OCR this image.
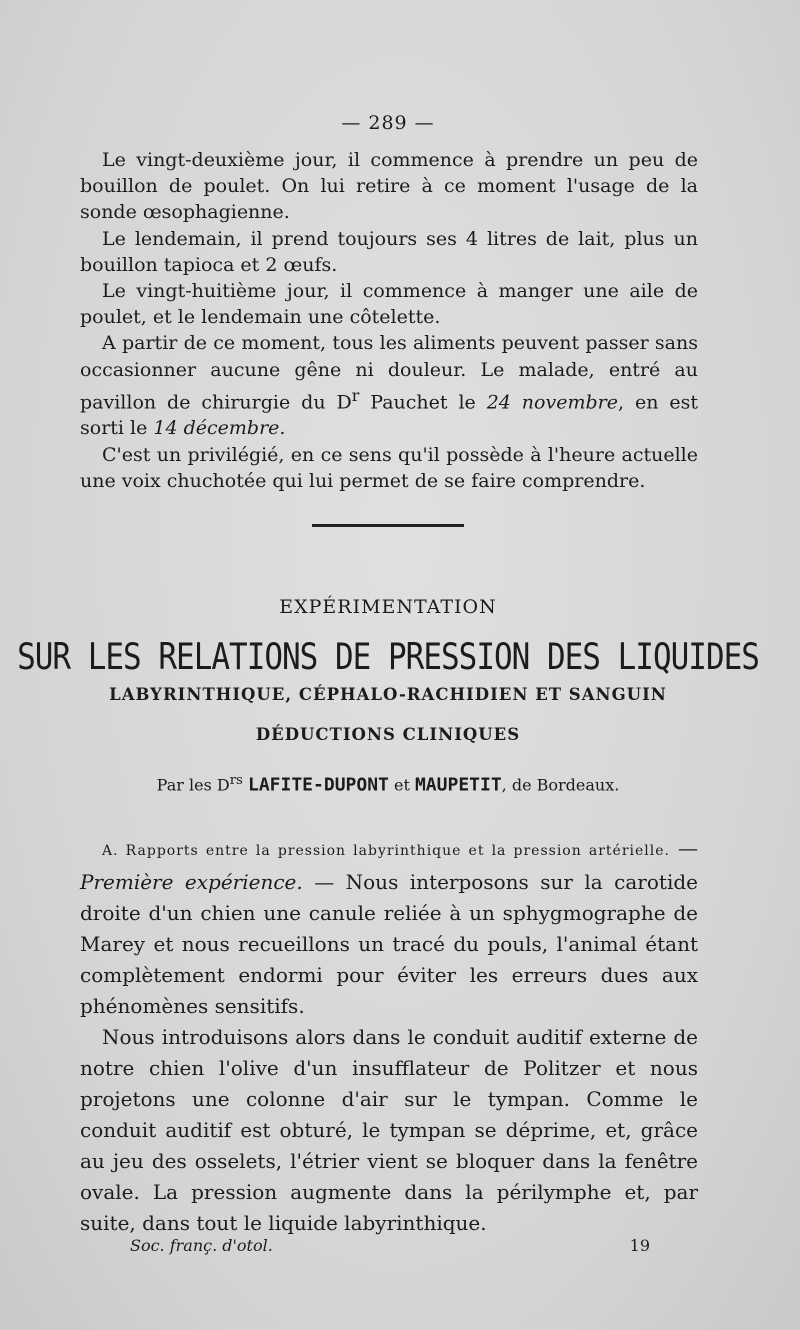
— 289 —

Le vingt-deuxième jour, il commence à prendre un peu de bouillon de poulet. On lui retire à ce moment l'usage de la sonde œsophagienne.

Le lendemain, il prend toujours ses 4 litres de lait, plus un bouillon tapioca et 2 œufs.

Le vingt-huitième jour, il commence à manger une aile de poulet, et le lendemain une côtelette.

A partir de ce moment, tous les aliments peuvent passer sans occasionner aucune gêne ni douleur. Le malade, entré au pavillon de chirurgie du $D^r$ Pauchet le 24 novembre, en est sorti le 14 décembre.

C'est un privilégié, en ce sens qu'il possède à l'heure actuelle une voix chuchotée qui lui permet de se faire comprendre.

EXPÉRIMENTATION
SUR LES RELATIONS DE PRESSION DES LIQUIDES
LABYRINTHIQUE, CÉPHALO-RACHIDIEN ET SANGUIN
DÉDUCTIONS CLINIQUES
Par les $D^{rs}$ LAFITE-DUPONT et MAUPETIT, de Bordeaux.

A. Rapports entre la pression labyrinthique et la pression artérielle. — Première expérience. — Nous interposons sur la carotide droite d'un chien une canule reliée à un sphygmographe de Marey et nous recueillons un tracé du pouls, l'animal étant complètement endormi pour éviter les erreurs dues aux phénomènes sensitifs.

Nous introduisons alors dans le conduit auditif externe de notre chien l'olive d'un insufflateur de Politzer et nous projetons une colonne d'air sur le tympan. Comme le conduit auditif est obturé, le tympan se déprime, et, grâce au jeu des osselets, l'étrier vient se bloquer dans la fenêtre ovale. La pression augmente dans la périlymphe et, par suite, dans tout le liquide labyrinthique.

Soc. franç. d'otol.	19
